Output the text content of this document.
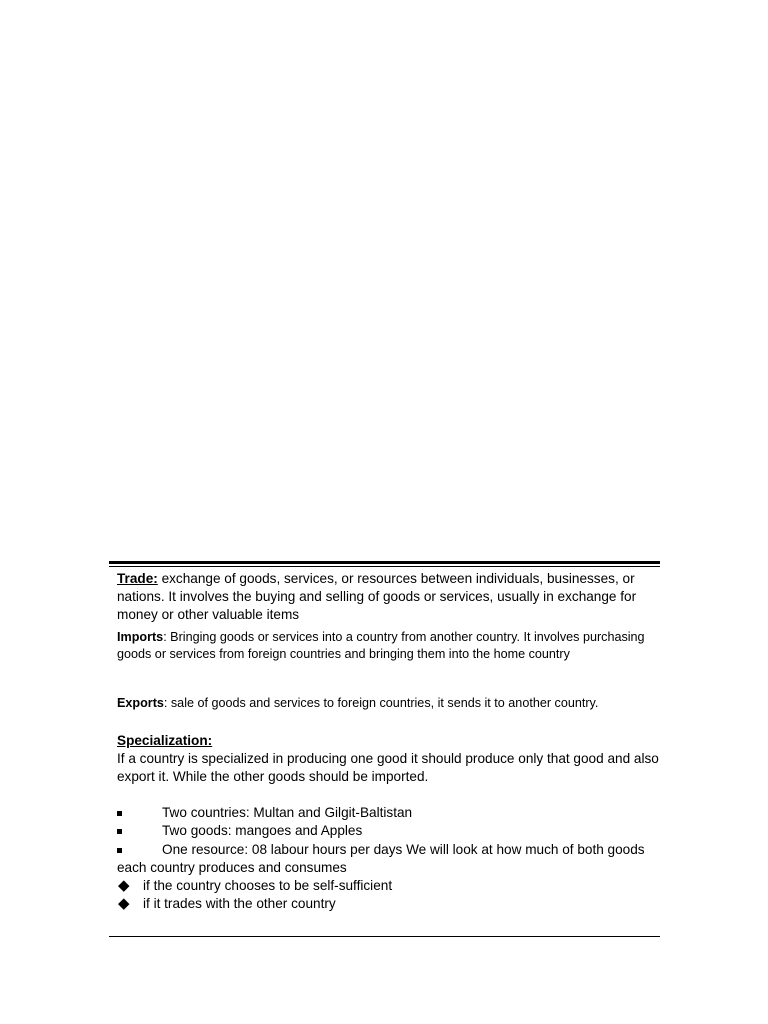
Trade: exchange of goods, services, or resources between individuals, businesses, or nations. It involves the buying and selling of goods or services, usually in exchange for money or other valuable items

Imports: Bringing goods or services into a country from another country. It involves purchasing goods or services from foreign countries and bringing them into the home country

Exports: sale of goods and services to foreign countries, it sends it to another country.

Specialization:

If a country is specialized in producing one good it should produce only that good and also export it. While the other goods should be imported.

Two countries: Multan and Gilgit-Baltistan

Two goods: mangoes and Apples

One resource: 08 labour hours per days We will look at how much of both goods each country produces and consumes

◆ if the country chooses to be self-sufficient

◆ if it trades with the other country
